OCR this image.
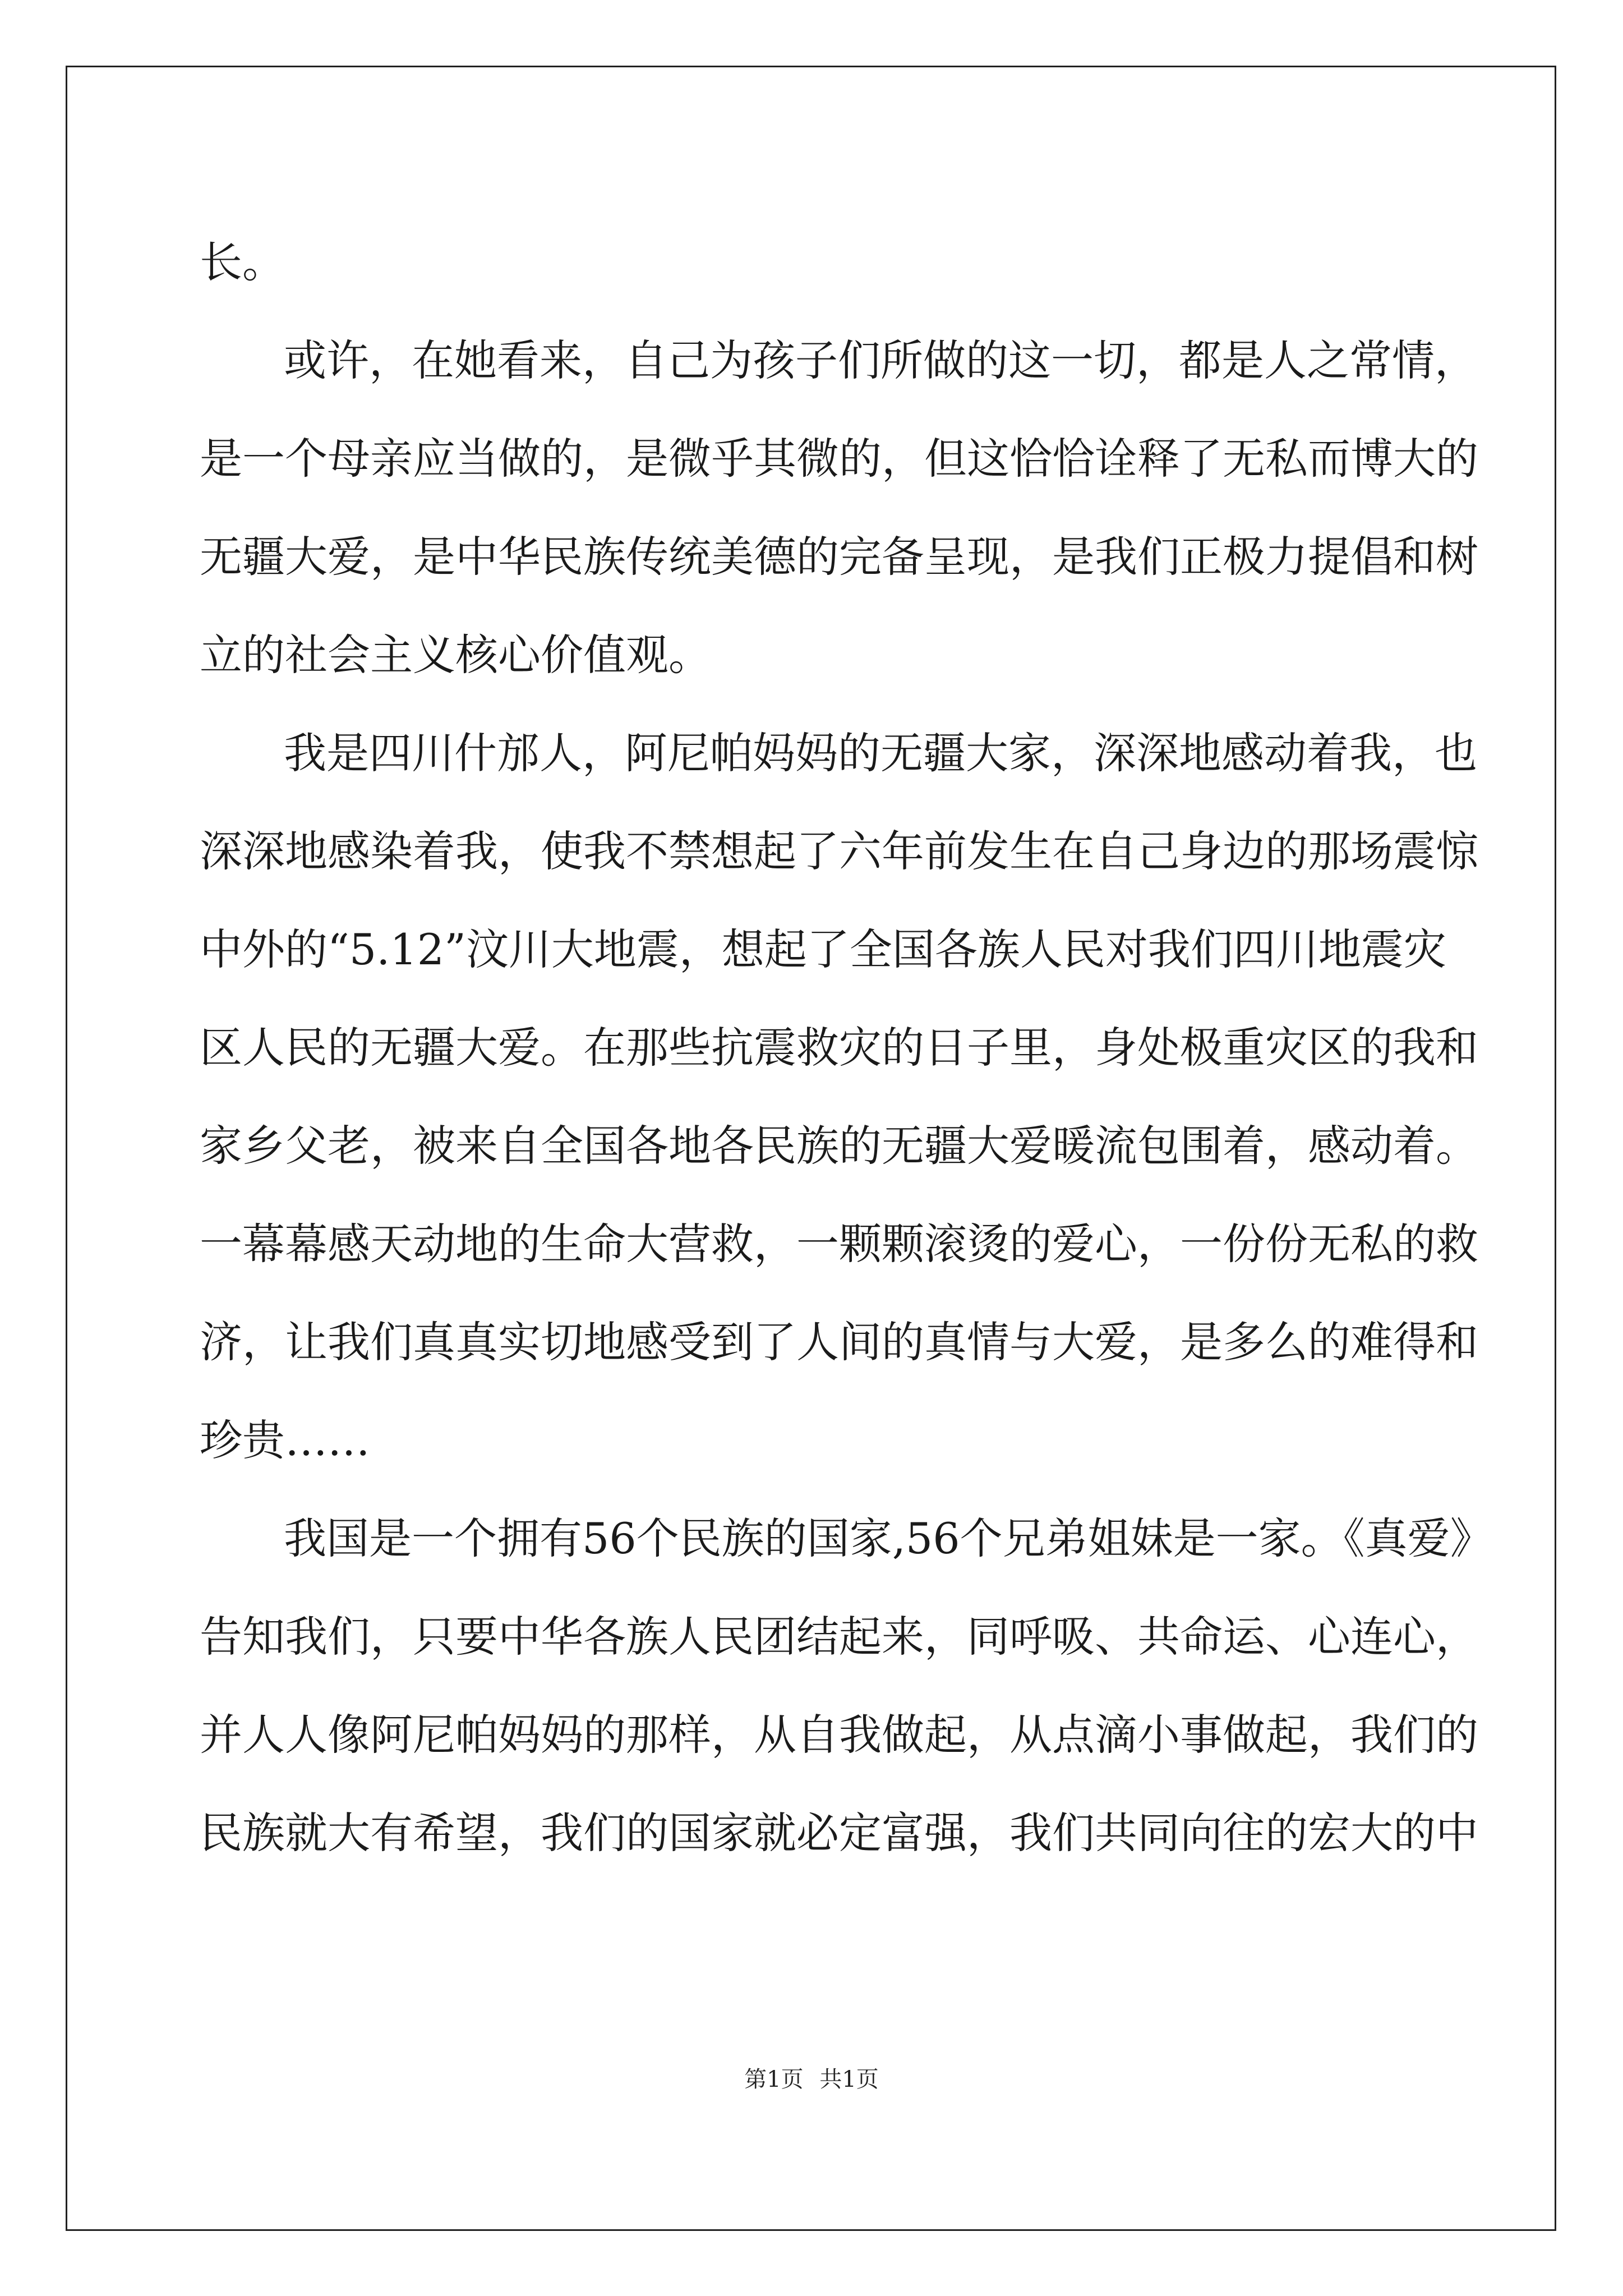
长。
或许，在她看来，自己为孩子们所做的这一切，都是人之常情，
是一个母亲应当做的，是微乎其微的，但这恰恰诠释了无私而博大的
无疆大爱，是中华民族传统美德的完备呈现，是我们正极力提倡和树
立的社会主义核心价值观。
我是四川什邡人，阿尼帕妈妈的无疆大家，深深地感动着我，也
深深地感染着我，使我不禁想起了六年前发生在自己身边的那场震惊
中外的“5.12”汶川大地震，想起了全国各族人民对我们四川地震灾
区人民的无疆大爱。在那些抗震救灾的日子里，身处极重灾区的我和
家乡父老，被来自全国各地各民族的无疆大爱暖流包围着，感动着。
一幕幕感天动地的生命大营救，一颗颗滚烫的爱心，一份份无私的救
济，让我们真真实切地感受到了人间的真情与大爱，是多么的难得和
珍贵……
我国是一个拥有56个民族的国家,56个兄弟姐妹是一家。《真爱》
告知我们，只要中华各族人民团结起来，同呼吸、共命运、心连心，
并人人像阿尼帕妈妈的那样，从自我做起，从点滴小事做起，我们的
民族就大有希望，我们的国家就必定富强，我们共同向往的宏大的中
第1页 共1页
